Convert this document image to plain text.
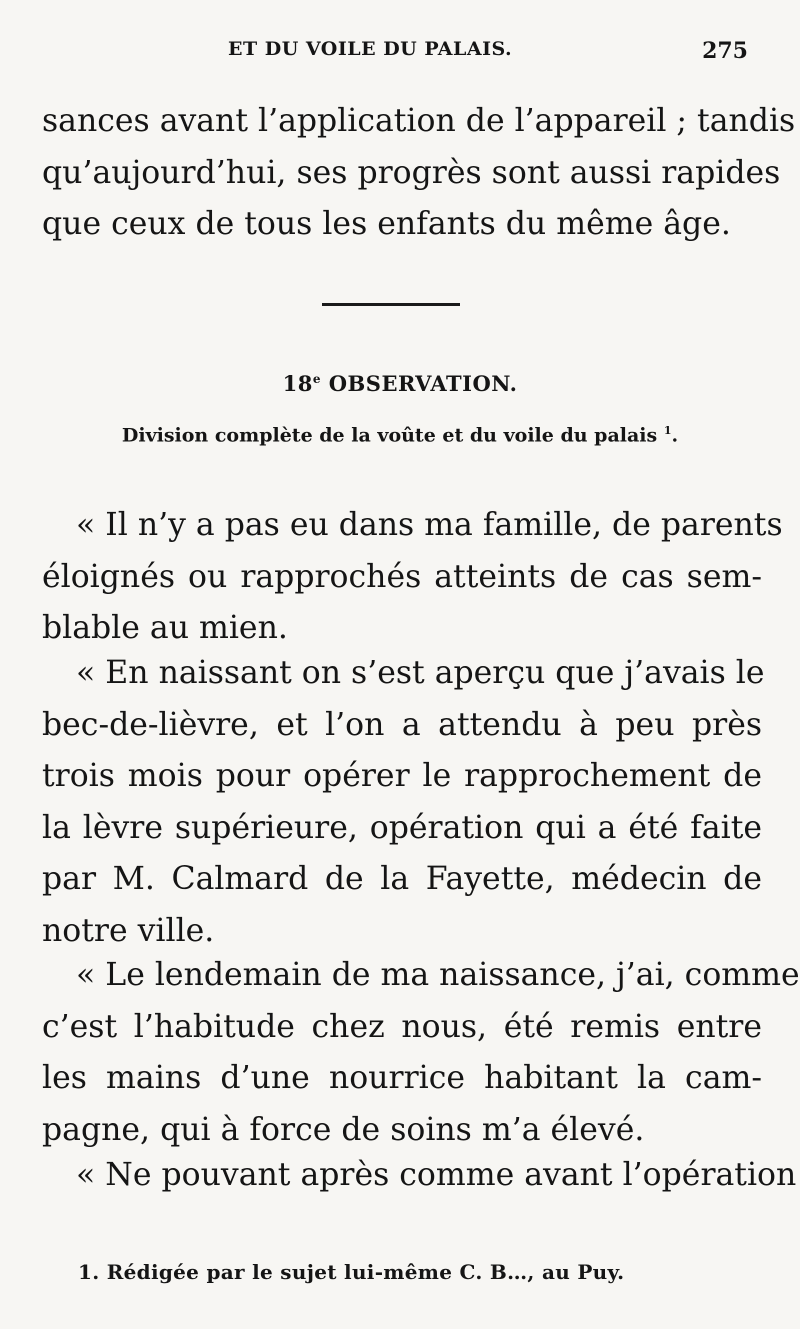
ET DU VOILE DU PALAIS.	275
sances avant l’application de l’appareil ; tandis
qu’aujourd’hui, ses progrès sont aussi rapides
que ceux de tous les enfants du même âge.
18e OBSERVATION.
Division complète de la voûte et du voile du palais $^1$.
« Il n’y a pas eu dans ma famille, de parents
éloignés ou rapprochés atteints de cas sem-
blable au mien.
« En naissant on s’est aperçu que j’avais le
bec-de-lièvre, et l’on a attendu à peu près
trois mois pour opérer le rapprochement de
la lèvre supérieure, opération qui a été faite
par M. Calmard de la Fayette, médecin de
notre ville.
« Le lendemain de ma naissance, j’ai, comme
c’est l’habitude chez nous, été remis entre
les mains d’une nourrice habitant la cam-
pagne, qui à force de soins m’a élevé.
« Ne pouvant après comme avant l’opération
1. Rédigée par le sujet lui-même C. B…, au Puy.
